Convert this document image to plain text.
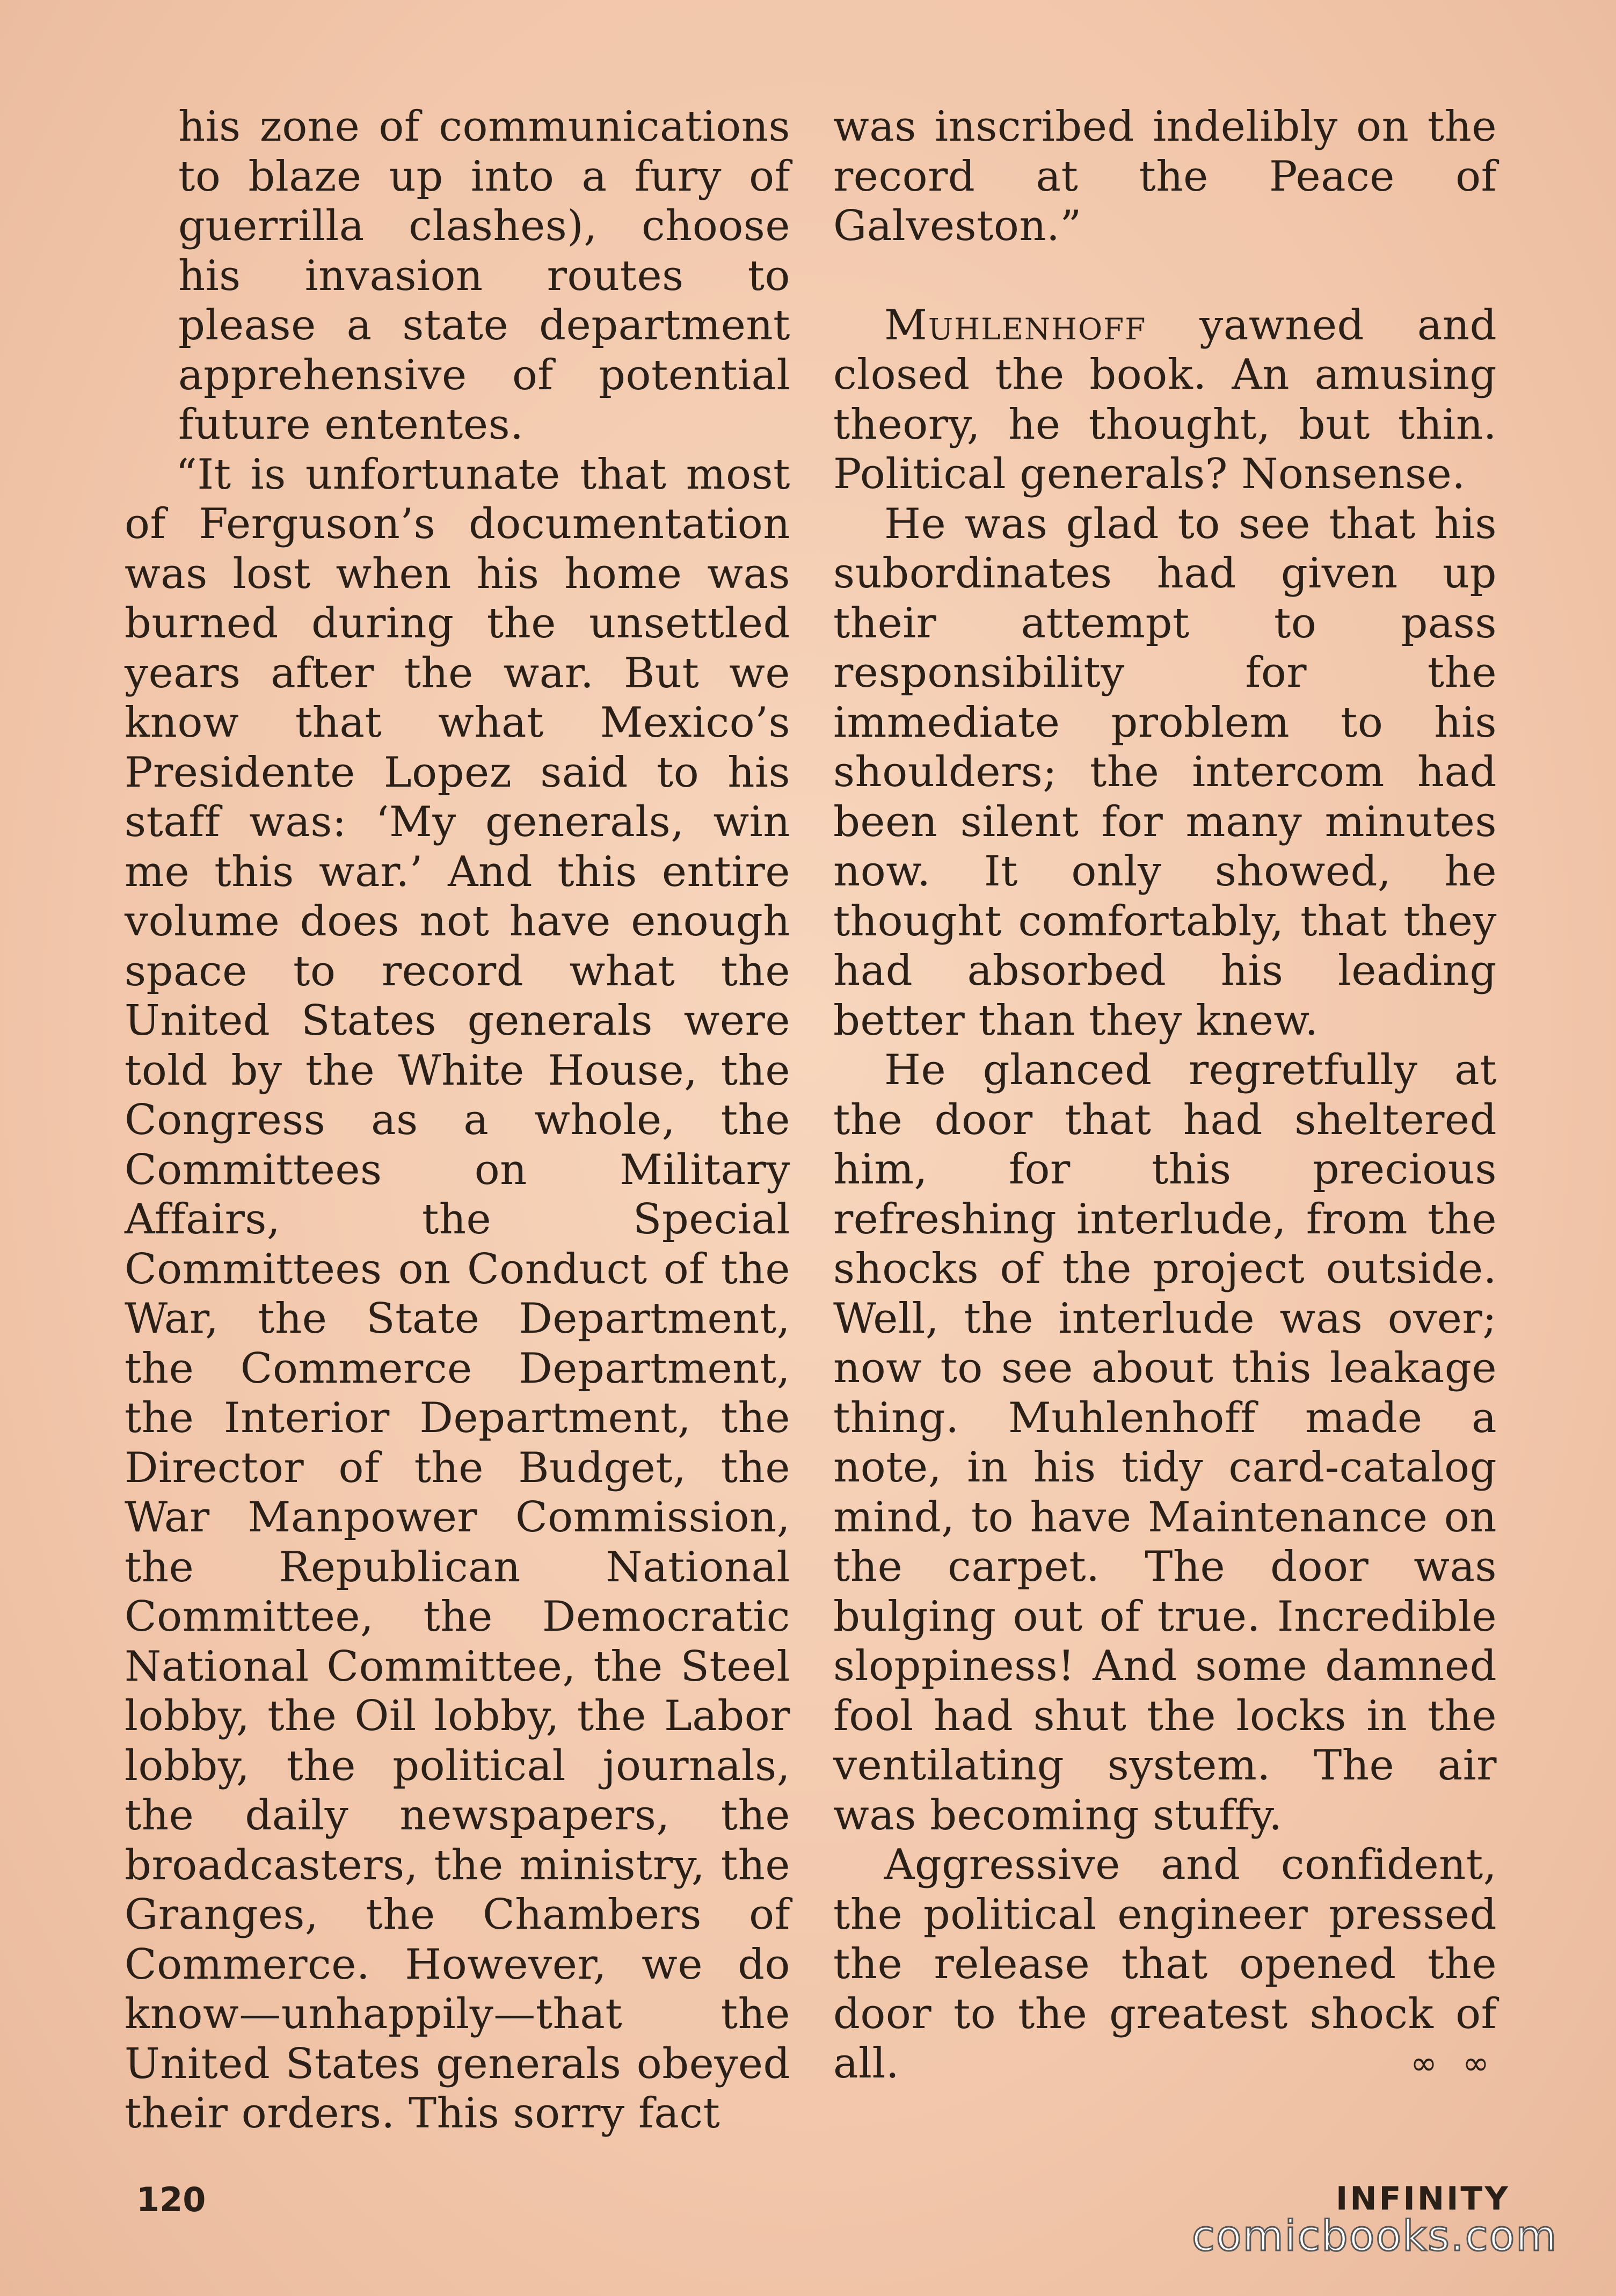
his zone of communications to blaze up into a fury of guerrilla clashes), choose his invasion routes to please a state department apprehensive of potential future ententes.

“It is unfortunate that most of Ferguson’s documentation was lost when his home was burned during the unsettled years after the war. But we know that what Mexico’s Presidente Lopez said to his staff was: ‘My generals, win me this war.’ And this entire volume does not have enough space to record what the United States generals were told by the White House, the Congress as a whole, the Committees on Military Affairs, the Special Committees on Conduct of the War, the State Department, the Commerce Department, the Interior Department, the Director of the Budget, the War Manpower Commission, the Republican National Committee, the Democratic National Committee, the Steel lobby, the Oil lobby, the Labor lobby, the political journals, the daily newspapers, the broadcasters, the ministry, the Granges, the Chambers of Commerce. However, we do know—unhappily—that the United States generals obeyed their orders. This sorry fact

was inscribed indelibly on the record at the Peace of Galveston.”

Muhlenhoff yawned and closed the book. An amusing theory, he thought, but thin. Political generals? Nonsense.

He was glad to see that his subordinates had given up their attempt to pass responsibility for the immediate problem to his shoulders; the intercom had been silent for many minutes now. It only showed, he thought comfortably, that they had absorbed his leading better than they knew.

He glanced regretfully at the door that had sheltered him, for this precious refreshing interlude, from the shocks of the project outside. Well, the interlude was over; now to see about this leakage thing. Muhlenhoff made a note, in his tidy card-catalog mind, to have Maintenance on the carpet. The door was bulging out of true. Incredible sloppiness! And some damned fool had shut the locks in the ventilating system. The air was becoming stuffy.

Aggressive and confident, the political engineer pressed the release that opened the door to the greatest shock of all.	∞ ∞

120	INFINITY
comicbooks.com
